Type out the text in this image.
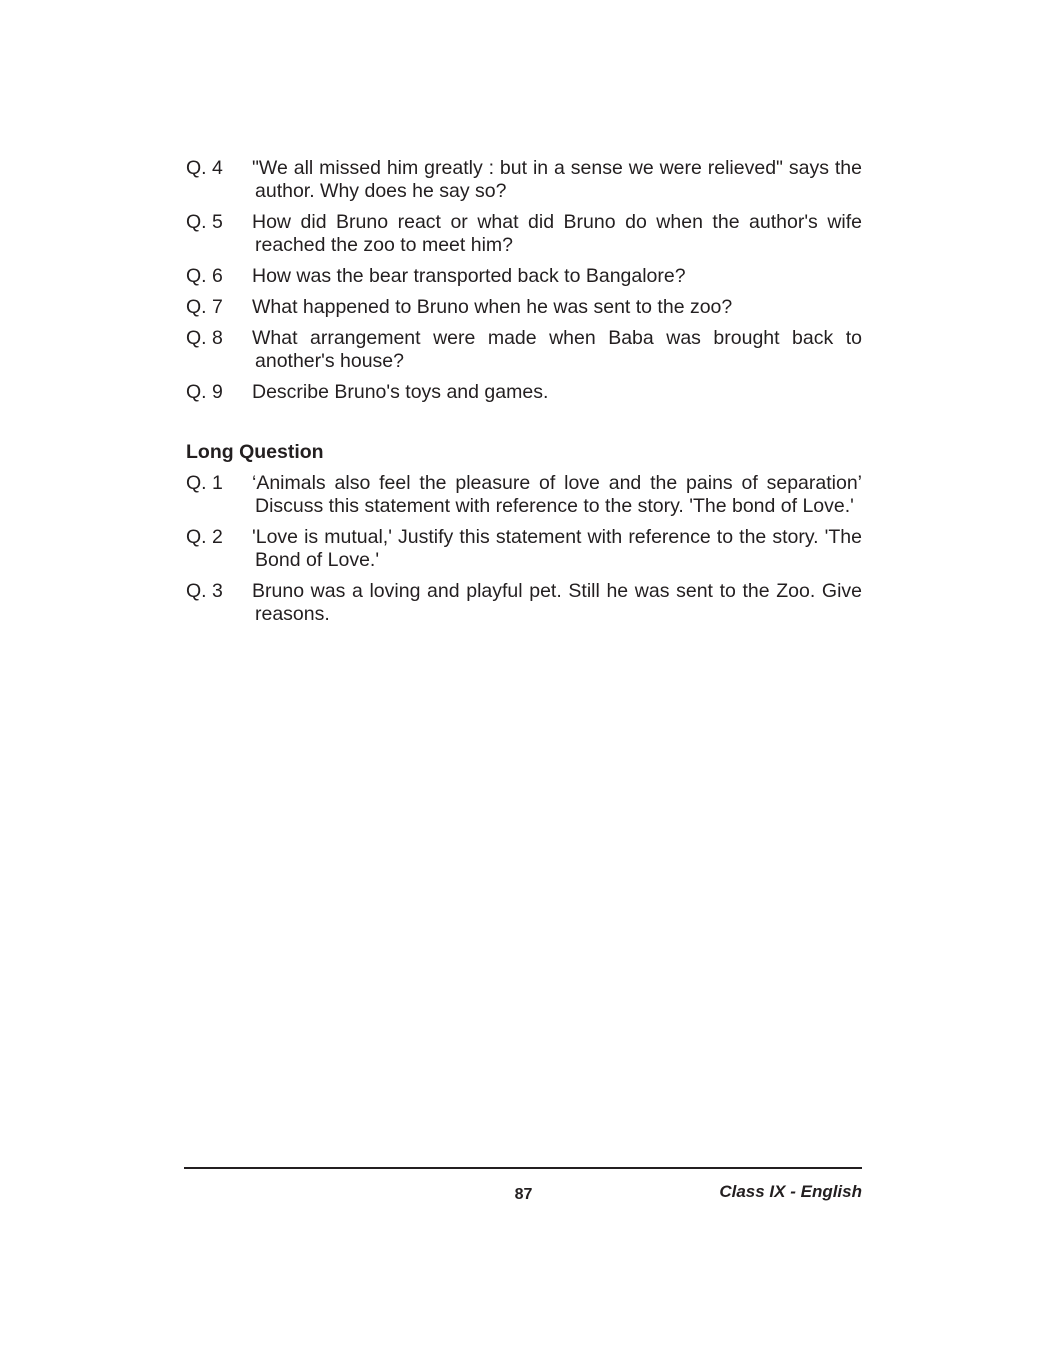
Q. 4 "We all missed him greatly : but in a sense we were relieved" says the
author. Why does he say so?
Q. 5 How did Bruno react or what did Bruno do when the author's wife
reached the zoo to meet him?
Q. 6 How was the bear transported back to Bangalore?
Q. 7 What happened to Bruno when he was sent to the zoo?
Q. 8 What arrangement were made when Baba was brought back to
another's house?
Q. 9 Describe Bruno's toys and games.
Long Question
Q. 1 ‘Animals also feel the pleasure of love and the pains of separation’
Discuss this statement with reference to the story. 'The bond of Love.'
Q. 2 'Love is mutual,' Justify this statement with reference to the story. 'The
Bond of Love.'
Q. 3 Bruno was a loving and playful pet. Still he was sent to the Zoo. Give
reasons.
87	Class IX - English
